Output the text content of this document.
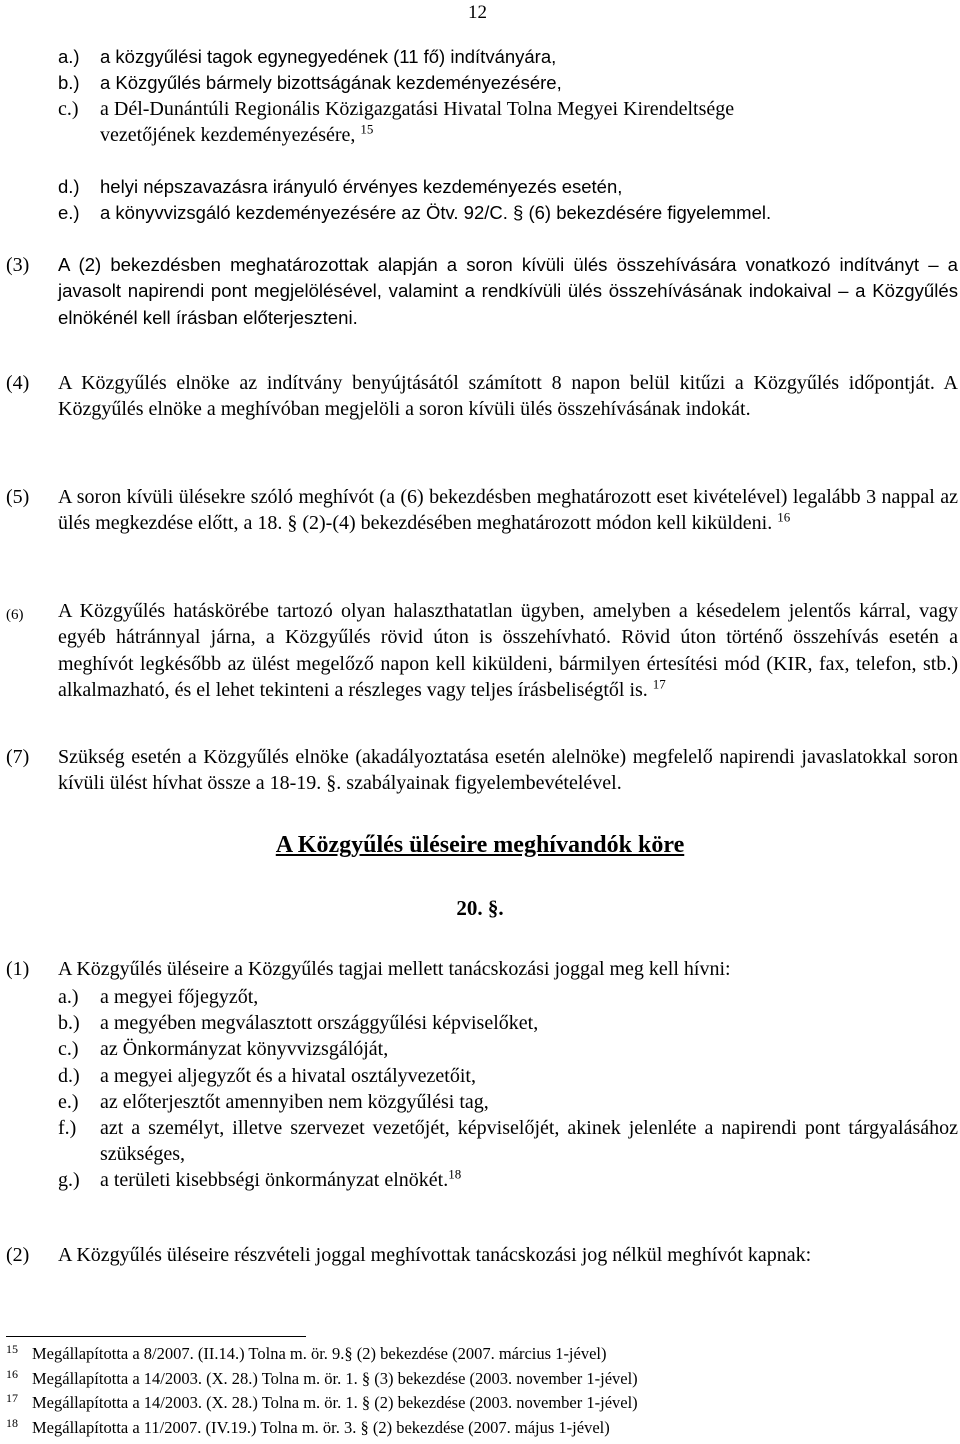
12
a.)	a közgyűlési tagok egynegyedének (11 fő) indítványára,
b.)	a Közgyűlés bármely bizottságának kezdeményezésére,
c.)	a Dél-Dunántúli Regionális Közigazgatási Hivatal Tolna Megyei Kirendeltsége
vezetőjének kezdeményezésére, $^{15}$
d.)	helyi népszavazásra irányuló érvényes kezdeményezés esetén,
e.)	a könyvvizsgáló kezdeményezésére az Ötv. 92/C. § (6) bekezdésére figyelemmel.
(3)	A (2) bekezdésben meghatározottak alapján a soron kívüli ülés összehívására vonatkozó indítványt – a javasolt napirendi pont megjelölésével, valamint a rendkívüli ülés összehívásának indokaival – a Közgyűlés elnökénél kell írásban előterjeszteni.
(4)	A Közgyűlés elnöke az indítvány benyújtásától számított 8 napon belül kitűzi a Közgyűlés időpontját. A Közgyűlés elnöke a meghívóban megjelöli a soron kívüli ülés összehívásának indokát.
(5)	A soron kívüli ülésekre szóló meghívót (a (6) bekezdésben meghatározott eset kivételével) legalább 3 nappal az ülés megkezdése előtt, a 18. § (2)-(4) bekezdésében meghatározott módon kell kiküldeni. $^{16}$
(6)	A Közgyűlés hatáskörébe tartozó olyan halaszthatatlan ügyben, amelyben a késedelem jelentős kárral, vagy egyéb hátránnyal járna, a Közgyűlés rövid úton is összehívható. Rövid úton történő összehívás esetén a meghívót legkésőbb az ülést megelőző napon kell kiküldeni, bármilyen értesítési mód (KIR, fax, telefon, stb.) alkalmazható, és el lehet tekinteni a részleges vagy teljes írásbeliségtől is. $^{17}$
(7)	Szükség esetén a Közgyűlés elnöke (akadályoztatása esetén alelnöke) megfelelő napirendi javaslatokkal soron kívüli ülést hívhat össze a 18-19. §. szabályainak figyelembevételével.
A Közgyűlés üléseire meghívandók köre
20. §.
(1)	A Közgyűlés üléseire a Közgyűlés tagjai mellett tanácskozási joggal meg kell hívni:
a.)	a megyei főjegyzőt,
b.)	a megyében megválasztott országgyűlési képviselőket,
c.)	az Önkormányzat könyvvizsgálóját,
d.)	a megyei aljegyzőt és a hivatal osztályvezetőit,
e.)	az előterjesztőt amennyiben nem közgyűlési tag,
f.)	azt a személyt, illetve szervezet vezetőjét, képviselőjét, akinek jelenléte a napirendi pont tárgyalásához szükséges,
g.)	a területi kisebbségi önkormányzat elnökét.$^{18}$
(2)	A Közgyűlés üléseire részvételi joggal meghívottak tanácskozási jog nélkül meghívót kapnak:
15 Megállapította a 8/2007. (II.14.) Tolna m. ör. 9.§ (2) bekezdése (2007. március 1-jével)
16 Megállapította a 14/2003. (X. 28.) Tolna m. ör. 1. § (3) bekezdése (2003. november 1-jével)
17 Megállapította a 14/2003. (X. 28.) Tolna m. ör. 1. § (2) bekezdése (2003. november 1-jével)
18 Megállapította a 11/2007. (IV.19.) Tolna m. ör. 3. § (2) bekezdése (2007. május 1-jével)
